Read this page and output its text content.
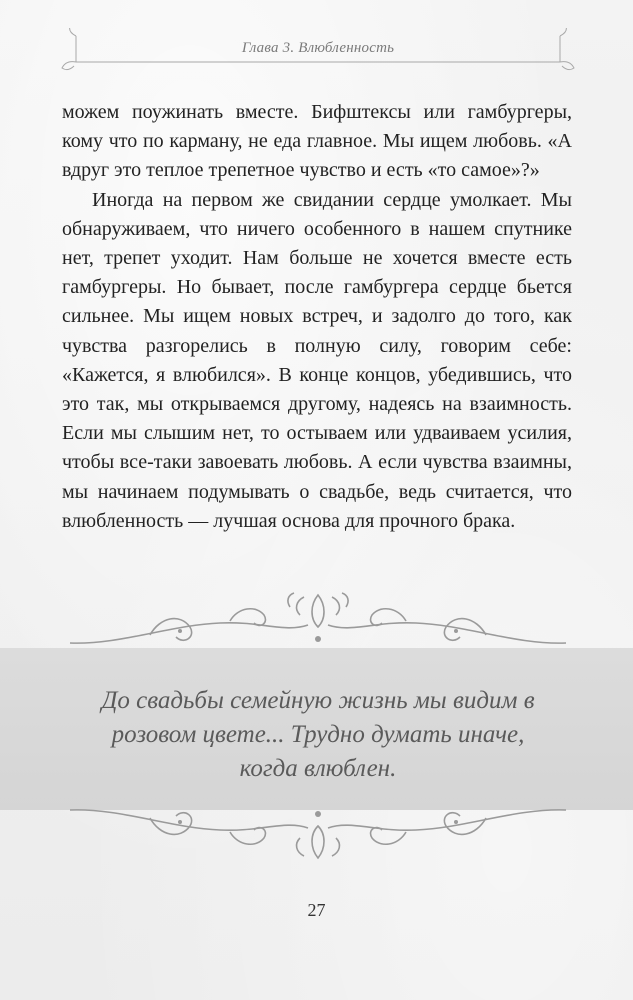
Глава 3. Влюбленность

можем поужинать вместе. Бифштексы или гамбургеры, кому что по карману, не еда главное. Мы ищем любовь. «А вдруг это теплое трепетное чувство и есть «то самое»?»

Иногда на первом же свидании сердце умолкает. Мы обнаруживаем, что ничего особенного в нашем спутнике нет, трепет уходит. Нам больше не хочется вместе есть гамбургеры. Но бывает, после гамбургера сердце бьется сильнее. Мы ищем новых встреч, и задолго до того, как чувства разгорелись в полную силу, говорим себе: «Кажется, я влюбился». В конце концов, убедившись, что это так, мы открываемся другому, надеясь на взаимность. Если мы слышим нет, то остываем или удваиваем усилия, чтобы все-таки завоевать любовь. А если чувства взаимны, мы начинаем подумывать о свадьбе, ведь считается, что влюбленность — лучшая основа для прочного брака.

До свадьбы семейную жизнь мы видим в розовом цвете... Трудно думать иначе, когда влюблен.
27
